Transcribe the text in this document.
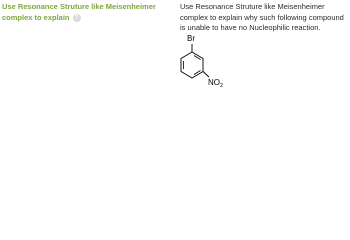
Use Resonance Struture like Meisenheimer complex to explain ?
Use Resonance Struture like Meisenheimer complex to explain why such following compound is unable to have no Nucleophilic reaction.
Br
$NO_2$
